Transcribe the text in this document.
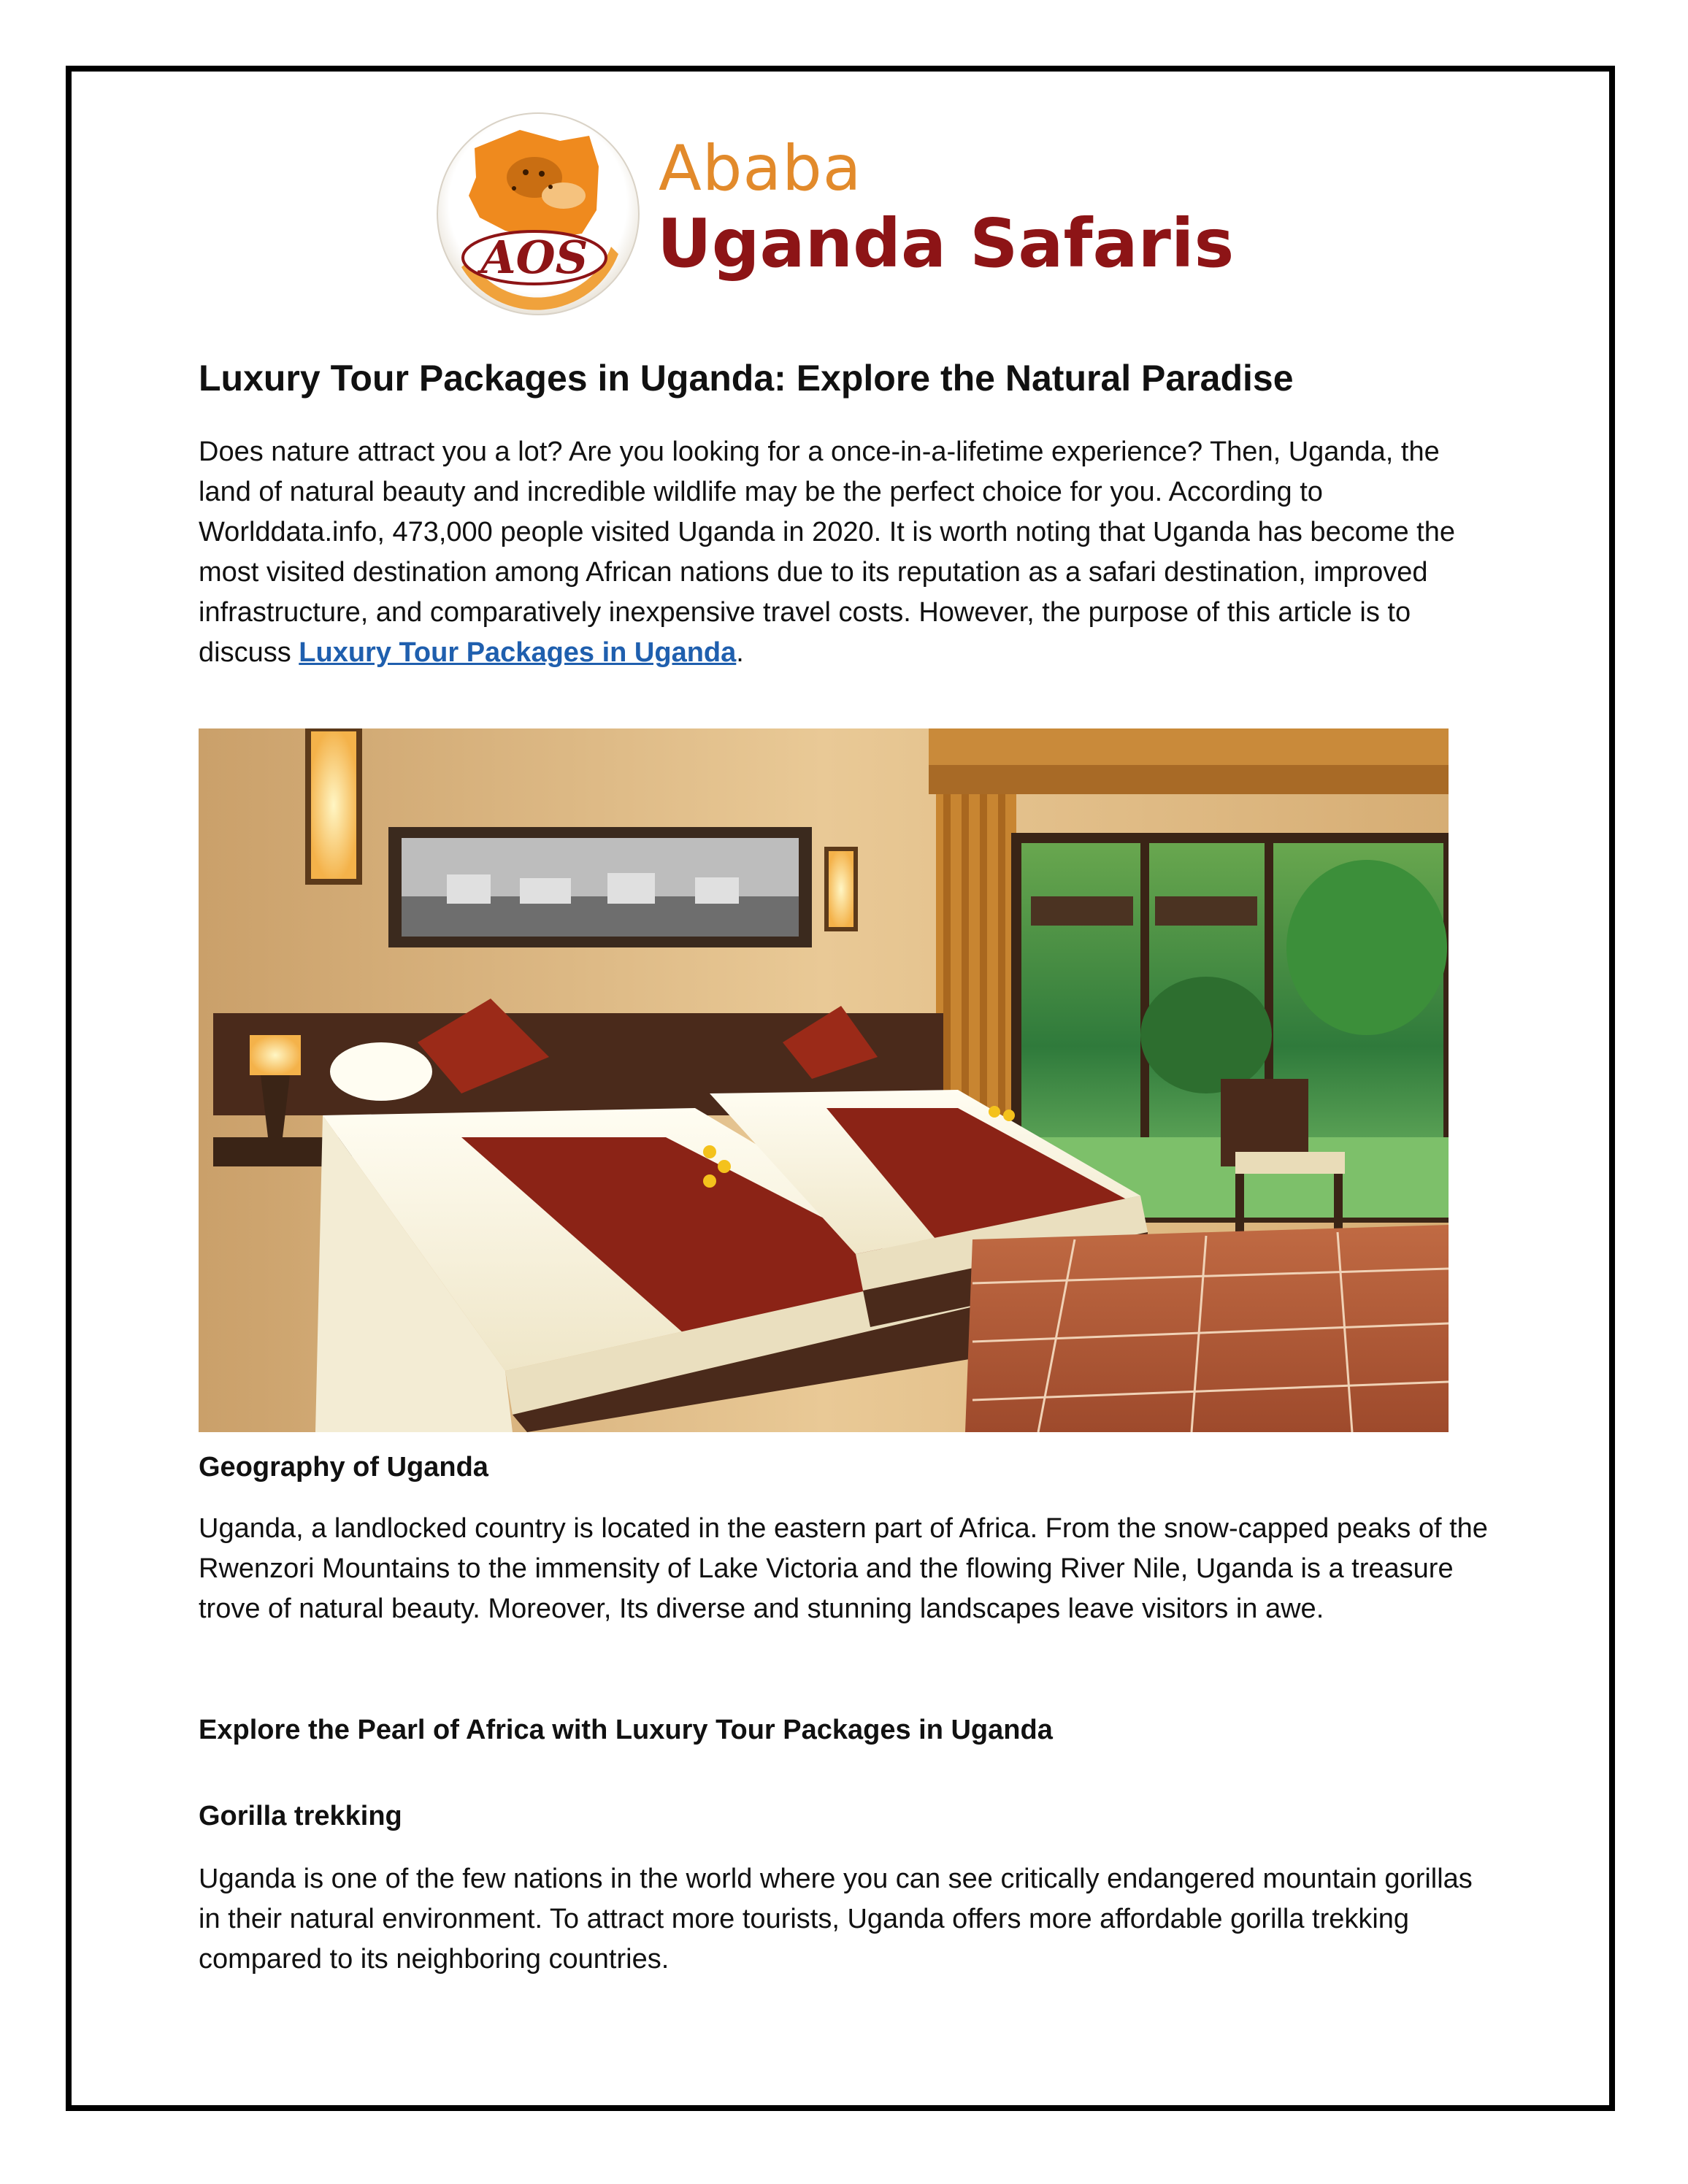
AOS
Ababa
Uganda Safaris
Luxury Tour Packages in Uganda: Explore the Natural Paradise

Does nature attract you a lot? Are you looking for a once-in-a-lifetime experience? Then, Uganda, the land of natural beauty and incredible wildlife may be the perfect choice for you. According to Worlddata.info, 473,000 people visited Uganda in 2020. It is worth noting that Uganda has become the most visited destination among African nations due to its reputation as a safari destination, improved infrastructure, and comparatively inexpensive travel costs. However, the purpose of this article is to discuss Luxury Tour Packages in Uganda.

Geography of Uganda

Uganda, a landlocked country is located in the eastern part of Africa. From the snow-capped peaks of the Rwenzori Mountains to the immensity of Lake Victoria and the flowing River Nile, Uganda is a treasure trove of natural beauty. Moreover, Its diverse and stunning landscapes leave visitors in awe.

Explore the Pearl of Africa with Luxury Tour Packages in Uganda
Gorilla trekking

Uganda is one of the few nations in the world where you can see critically endangered mountain gorillas in their natural environment. To attract more tourists, Uganda offers more affordable gorilla trekking compared to its neighboring countries.
